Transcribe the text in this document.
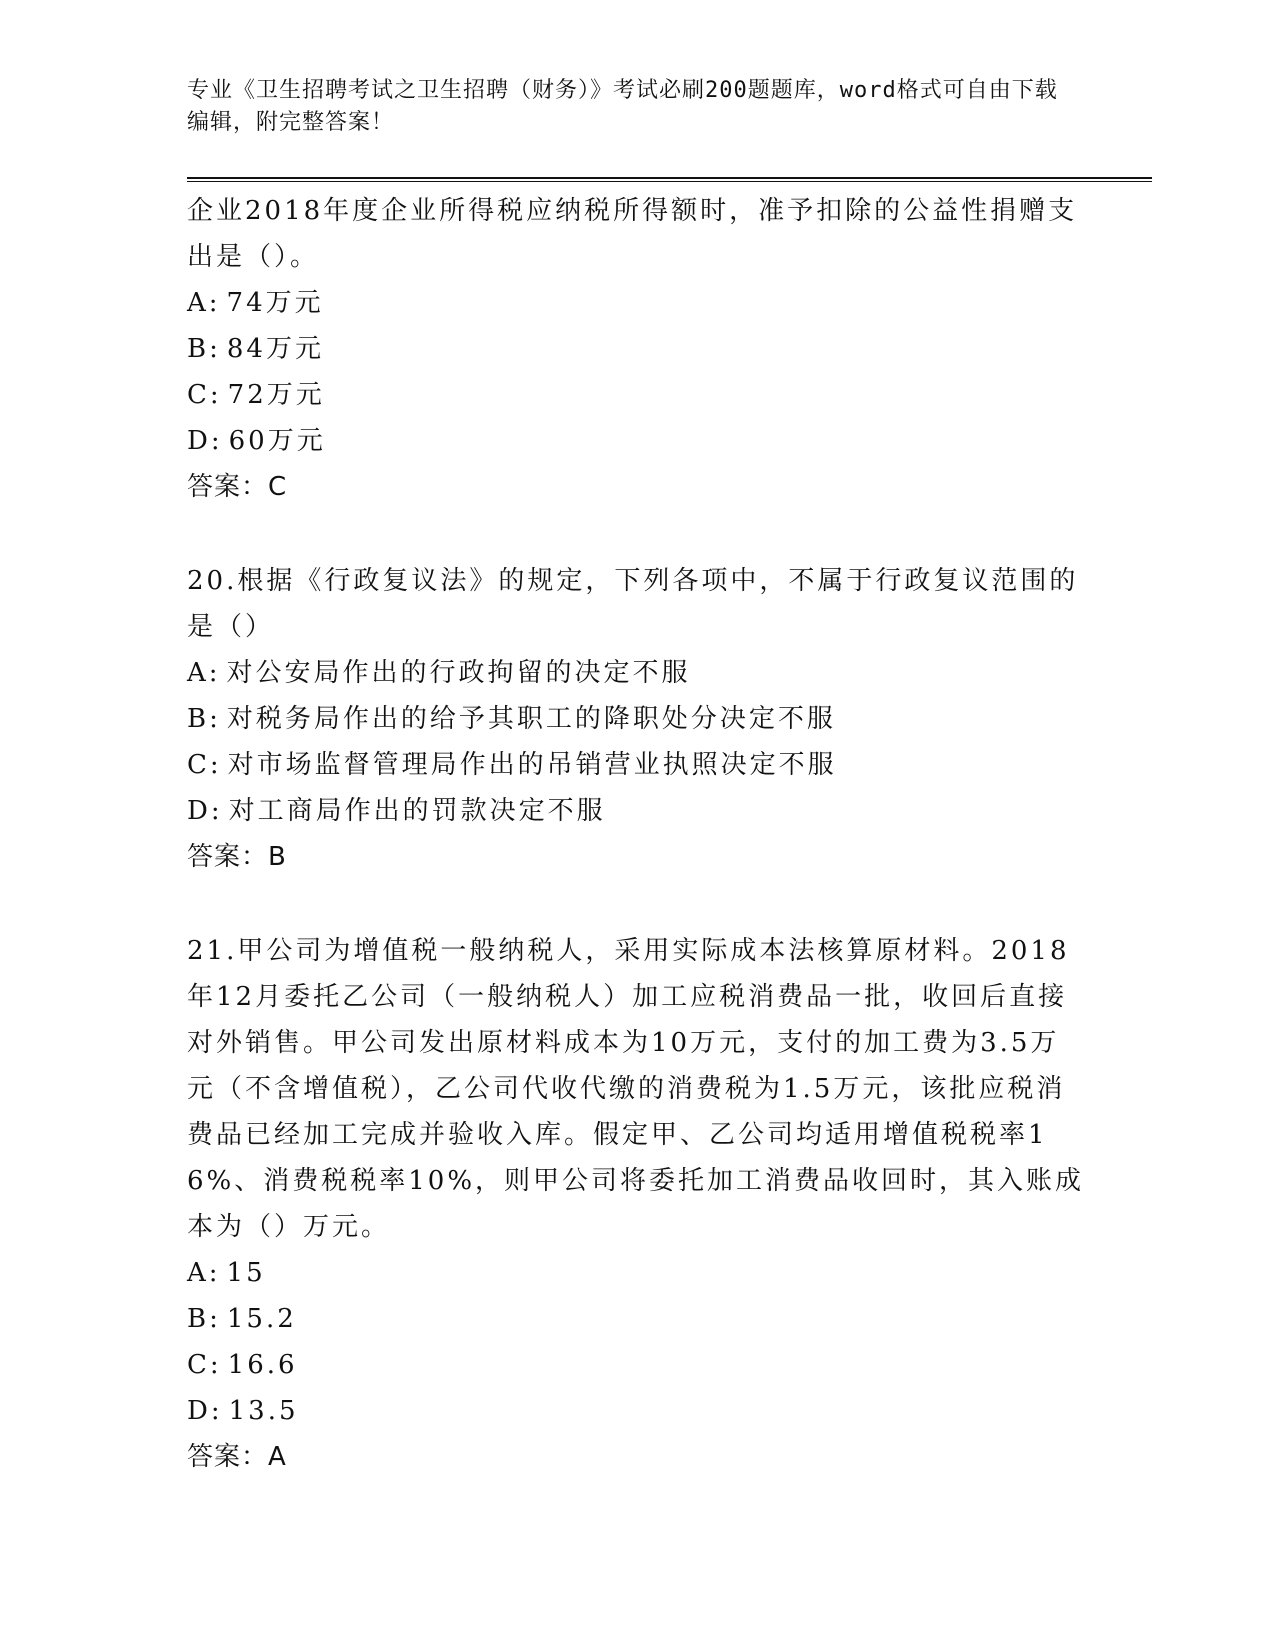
专业《卫生招聘考试之卫生招聘（财务）》考试必刷200题题库，word格式可自由下载编辑，附完整答案！

企业2018年度企业所得税应纳税所得额时，准予扣除的公益性捐赠支出是（）。

A: 74万元

B: 84万元

C: 72万元

D: 60万元

答案：C

20.根据《行政复议法》的规定，下列各项中，不属于行政复议范围的是（）

A: 对公安局作出的行政拘留的决定不服

B: 对税务局作出的给予其职工的降职处分决定不服

C: 对市场监督管理局作出的吊销营业执照决定不服

D: 对工商局作出的罚款决定不服

答案：B

21.甲公司为增值税一般纳税人，采用实际成本法核算原材料。2018年12月委托乙公司（一般纳税人）加工应税消费品一批，收回后直接对外销售。甲公司发出原材料成本为10万元，支付的加工费为3.5万元（不含增值税），乙公司代收代缴的消费税为1.5万元，该批应税消费品已经加工完成并验收入库。假定甲、乙公司均适用增值税税率16%、消费税税率10%，则甲公司将委托加工消费品收回时，其入账成本为（）万元。

A: 15

B: 15.2

C: 16.6

D: 13.5

答案：A
